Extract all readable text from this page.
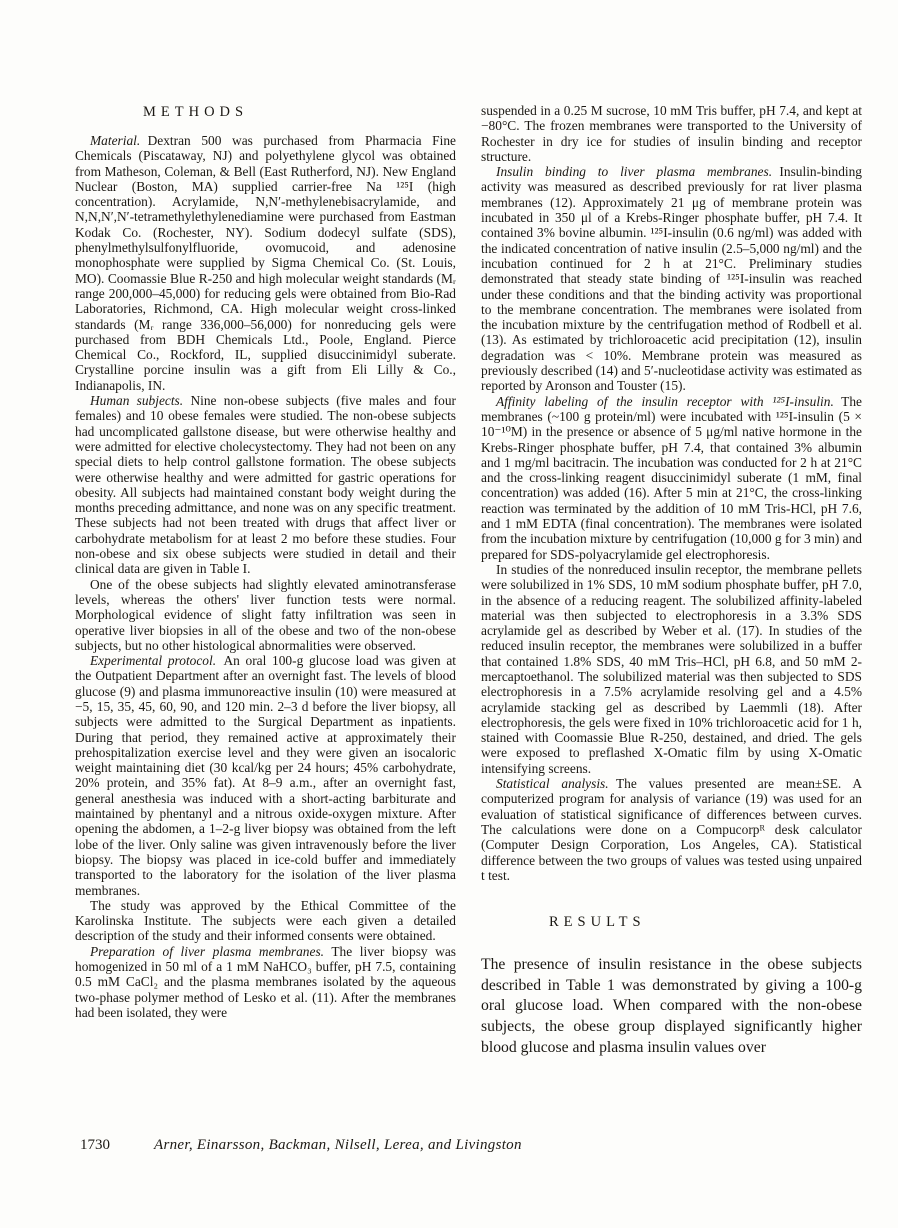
METHODS

Material. Dextran 500 was purchased from Pharmacia Fine Chemicals (Piscataway, NJ) and polyethylene glycol was obtained from Matheson, Coleman, & Bell (East Rutherford, NJ). New England Nuclear (Boston, MA) supplied carrier-free Na ¹²⁵I (high concentration). Acrylamide, N,N′-methylenebisacrylamide, and N,N,N′,N′-tetramethylethylenediamine were purchased from Eastman Kodak Co. (Rochester, NY). Sodium dodecyl sulfate (SDS), phenylmethylsulfonylfluoride, ovomucoid, and adenosine monophosphate were supplied by Sigma Chemical Co. (St. Louis, MO). Coomassie Blue R-250 and high molecular weight standards (Mᵣ range 200,000–45,000) for reducing gels were obtained from Bio-Rad Laboratories, Richmond, CA. High molecular weight cross-linked standards (Mᵣ range 336,000–56,000) for nonreducing gels were purchased from BDH Chemicals Ltd., Poole, England. Pierce Chemical Co., Rockford, IL, supplied disuccinimidyl suberate. Crystalline porcine insulin was a gift from Eli Lilly & Co., Indianapolis, IN.

Human subjects. Nine non-obese subjects (five males and four females) and 10 obese females were studied. The non-obese subjects had uncomplicated gallstone disease, but were otherwise healthy and were admitted for elective cholecystectomy. They had not been on any special diets to help control gallstone formation. The obese subjects were otherwise healthy and were admitted for gastric operations for obesity. All subjects had maintained constant body weight during the months preceding admittance, and none was on any specific treatment. These subjects had not been treated with drugs that affect liver or carbohydrate metabolism for at least 2 mo before these studies. Four non-obese and six obese subjects were studied in detail and their clinical data are given in Table I.

One of the obese subjects had slightly elevated aminotransferase levels, whereas the others' liver function tests were normal. Morphological evidence of slight fatty infiltration was seen in operative liver biopsies in all of the obese and two of the non-obese subjects, but no other histological abnormalities were observed.

Experimental protocol. An oral 100-g glucose load was given at the Outpatient Department after an overnight fast. The levels of blood glucose (9) and plasma immunoreactive insulin (10) were measured at −5, 15, 35, 45, 60, 90, and 120 min. 2–3 d before the liver biopsy, all subjects were admitted to the Surgical Department as inpatients. During that period, they remained active at approximately their prehospitalization exercise level and they were given an isocaloric weight maintaining diet (30 kcal/kg per 24 hours; 45% carbohydrate, 20% protein, and 35% fat). At 8–9 a.m., after an overnight fast, general anesthesia was induced with a short-acting barbiturate and maintained by phentanyl and a nitrous oxide-oxygen mixture. After opening the abdomen, a 1–2-g liver biopsy was obtained from the left lobe of the liver. Only saline was given intravenously before the liver biopsy. The biopsy was placed in ice-cold buffer and immediately transported to the laboratory for the isolation of the liver plasma membranes.

The study was approved by the Ethical Committee of the Karolinska Institute. The subjects were each given a detailed description of the study and their informed consents were obtained.

Preparation of liver plasma membranes. The liver biopsy was homogenized in 50 ml of a 1 mM NaHCO₃ buffer, pH 7.5, containing 0.5 mM CaCl₂ and the plasma membranes isolated by the aqueous two-phase polymer method of Lesko et al. (11). After the membranes had been isolated, they were

suspended in a 0.25 M sucrose, 10 mM Tris buffer, pH 7.4, and kept at −80°C. The frozen membranes were transported to the University of Rochester in dry ice for studies of insulin binding and receptor structure.

Insulin binding to liver plasma membranes. Insulin-binding activity was measured as described previously for rat liver plasma membranes (12). Approximately 21 μg of membrane protein was incubated in 350 μl of a Krebs-Ringer phosphate buffer, pH 7.4. It contained 3% bovine albumin. ¹²⁵I-insulin (0.6 ng/ml) was added with the indicated concentration of native insulin (2.5–5,000 ng/ml) and the incubation continued for 2 h at 21°C. Preliminary studies demonstrated that steady state binding of ¹²⁵I-insulin was reached under these conditions and that the binding activity was proportional to the membrane concentration. The membranes were isolated from the incubation mixture by the centrifugation method of Rodbell et al. (13). As estimated by trichloroacetic acid precipitation (12), insulin degradation was < 10%. Membrane protein was measured as previously described (14) and 5′-nucleotidase activity was estimated as reported by Aronson and Touster (15).

Affinity labeling of the insulin receptor with ¹²⁵I-insulin. The membranes (~100 g protein/ml) were incubated with ¹²⁵I-insulin (5 × 10⁻¹⁰M) in the presence or absence of 5 μg/ml native hormone in the Krebs-Ringer phosphate buffer, pH 7.4, that contained 3% albumin and 1 mg/ml bacitracin. The incubation was conducted for 2 h at 21°C and the cross-linking reagent disuccinimidyl suberate (1 mM, final concentration) was added (16). After 5 min at 21°C, the cross-linking reaction was terminated by the addition of 10 mM Tris-HCl, pH 7.6, and 1 mM EDTA (final concentration). The membranes were isolated from the incubation mixture by centrifugation (10,000 g for 3 min) and prepared for SDS-polyacrylamide gel electrophoresis.

In studies of the nonreduced insulin receptor, the membrane pellets were solubilized in 1% SDS, 10 mM sodium phosphate buffer, pH 7.0, in the absence of a reducing reagent. The solubilized affinity-labeled material was then subjected to electrophoresis in a 3.3% SDS acrylamide gel as described by Weber et al. (17). In studies of the reduced insulin receptor, the membranes were solubilized in a buffer that contained 1.8% SDS, 40 mM Tris–HCl, pH 6.8, and 50 mM 2-mercaptoethanol. The solubilized material was then subjected to SDS electrophoresis in a 7.5% acrylamide resolving gel and a 4.5% acrylamide stacking gel as described by Laemmli (18). After electrophoresis, the gels were fixed in 10% trichloroacetic acid for 1 h, stained with Coomassie Blue R-250, destained, and dried. The gels were exposed to preflashed X-Omatic film by using X-Omatic intensifying screens.

Statistical analysis. The values presented are mean±SE. A computerized program for analysis of variance (19) was used for an evaluation of statistical significance of differences between curves. The calculations were done on a Compucorpᴿ desk calculator (Computer Design Corporation, Los Angeles, CA). Statistical difference between the two groups of values was tested using unpaired t test.

RESULTS

The presence of insulin resistance in the obese subjects described in Table 1 was demonstrated by giving a 100-g oral glucose load. When compared with the non-obese subjects, the obese group displayed significantly higher blood glucose and plasma insulin values over

1730	Arner, Einarsson, Backman, Nilsell, Lerea, and Livingston
